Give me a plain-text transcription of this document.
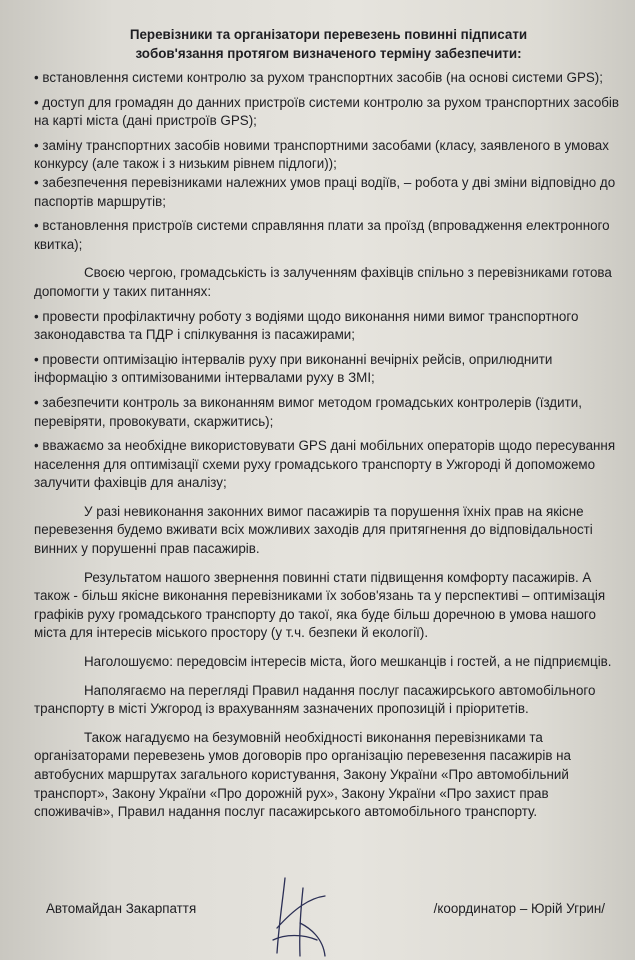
Перевізники та організатори перевезень повинні підписати
зобов'язання протягом визначеного терміну забезпечити:

• встановлення системи контролю за рухом транспортних засобів (на основі системи GPS);

• доступ для громадян до данних пристроїв системи контролю за рухом транспортних засобів на карті міста (дані пристроїв GPS);

• заміну транспортних засобів новими транспортними засобами (класу, заявленого в умовах конкурсу (але також і з низьким рівнем підлоги));

• забезпечення перевізниками належних умов праці водіїв, – робота у дві зміни відповідно до паспортів маршрутів;

• встановлення пристроїв системи справляння плати за проїзд (впровадження електронного квитка);

Своєю чергою, громадськість із залученням фахівців спільно з перевізниками готова допомогти у таких питаннях:

• провести профілактичну роботу з водіями щодо виконання ними вимог транспортного законодавства та ПДР і спілкування із пасажирами;

• провести оптимізацію інтервалів руху при виконанні вечірніх рейсів, оприлюднити інформацію з оптимізованими інтервалами руху в ЗМІ;

• забезпечити контроль за виконанням вимог методом громадських контролерів (їздити, перевіряти, провокувати, скаржитись);

• вважаємо за необхідне використовувати GPS дані мобільних операторів щодо пересування населення для оптимізації схеми руху громадського транспорту в Ужгороді й допоможемо залучити фахівців для аналізу;

У разі невиконання законних вимог пасажирів та порушення їхніх прав на якісне перевезення будемо вживати всіх можливих заходів для притягнення до відповідальності винних у порушенні прав пасажирів.

Результатом нашого звернення повинні стати підвищення комфорту пасажирів. А також - більш якісне виконання перевізниками їх зобов'язань та у перспективі – оптимізація графіків руху громадського транспорту до такої, яка буде більш доречною в умова нашого міста для інтересів міського простору (у т.ч. безпеки й екології).

Наголошуємо: передовсім інтересів міста, його мешканців і гостей, а не підприємців.

Наполягаємо на перегляді Правил надання послуг пасажирського автомобільного транспорту в місті Ужгород із врахуванням зазначених пропозицій і пріоритетів.

Також нагадуємо на безумовній необхідності виконання перевізниками та організаторами перевезень умов договорів про організацію перевезення пасажирів на автобусних маршрутах загального користування, Закону України «Про автомобільний транспорт», Закону України «Про дорожній рух», Закону України «Про захист прав споживачів», Правил надання послуг пасажирського автомобільного транспорту.

Автомайдан Закарпаття	/координатор – Юрій Угрин/
